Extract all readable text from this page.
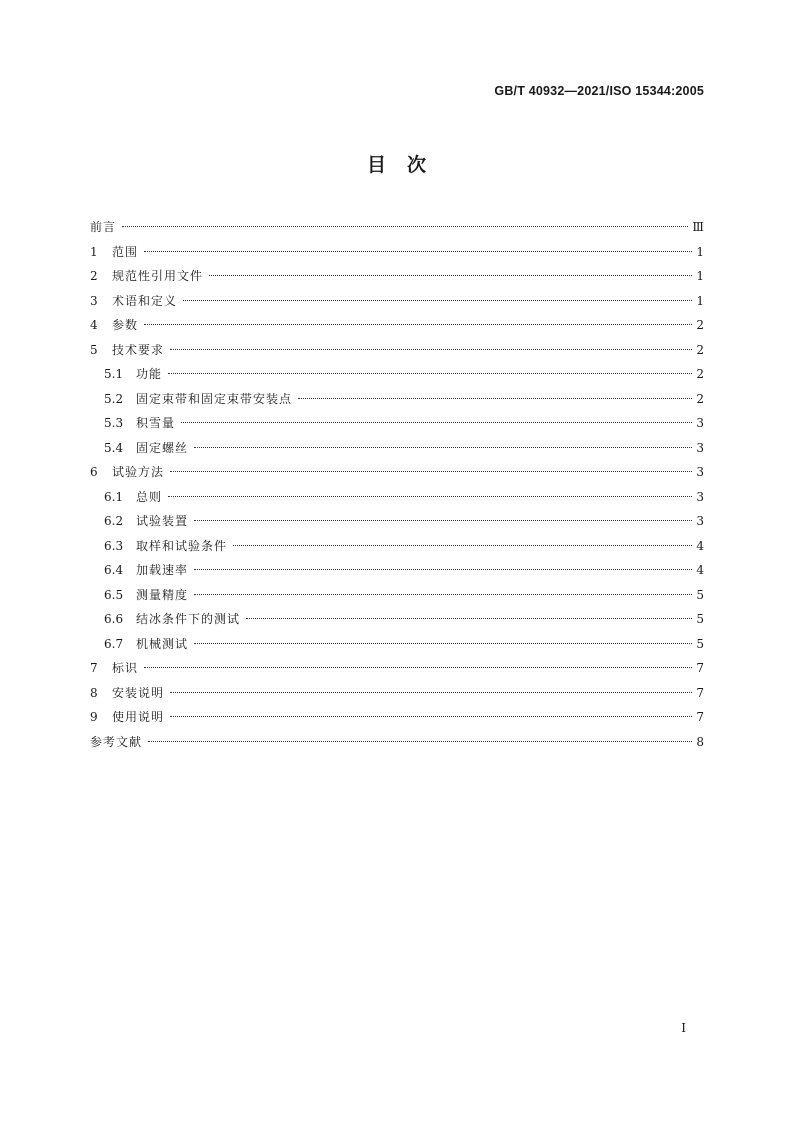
GB/T 40932—2021/ISO 15344:2005
目　次
前言	Ⅲ
1	范围	1
2	规范性引用文件	1
3	术语和定义	1
4	参数	2
5	技术要求	2
5.1	功能	2
5.2	固定束带和固定束带安装点	2
5.3	积雪量	3
5.4	固定螺丝	3
6	试验方法	3
6.1	总则	3
6.2	试验装置	3
6.3	取样和试验条件	4
6.4	加载速率	4
6.5	测量精度	5
6.6	结冰条件下的测试	5
6.7	机械测试	5
7	标识	7
8	安装说明	7
9	使用说明	7
参考文献	8
Ⅰ
